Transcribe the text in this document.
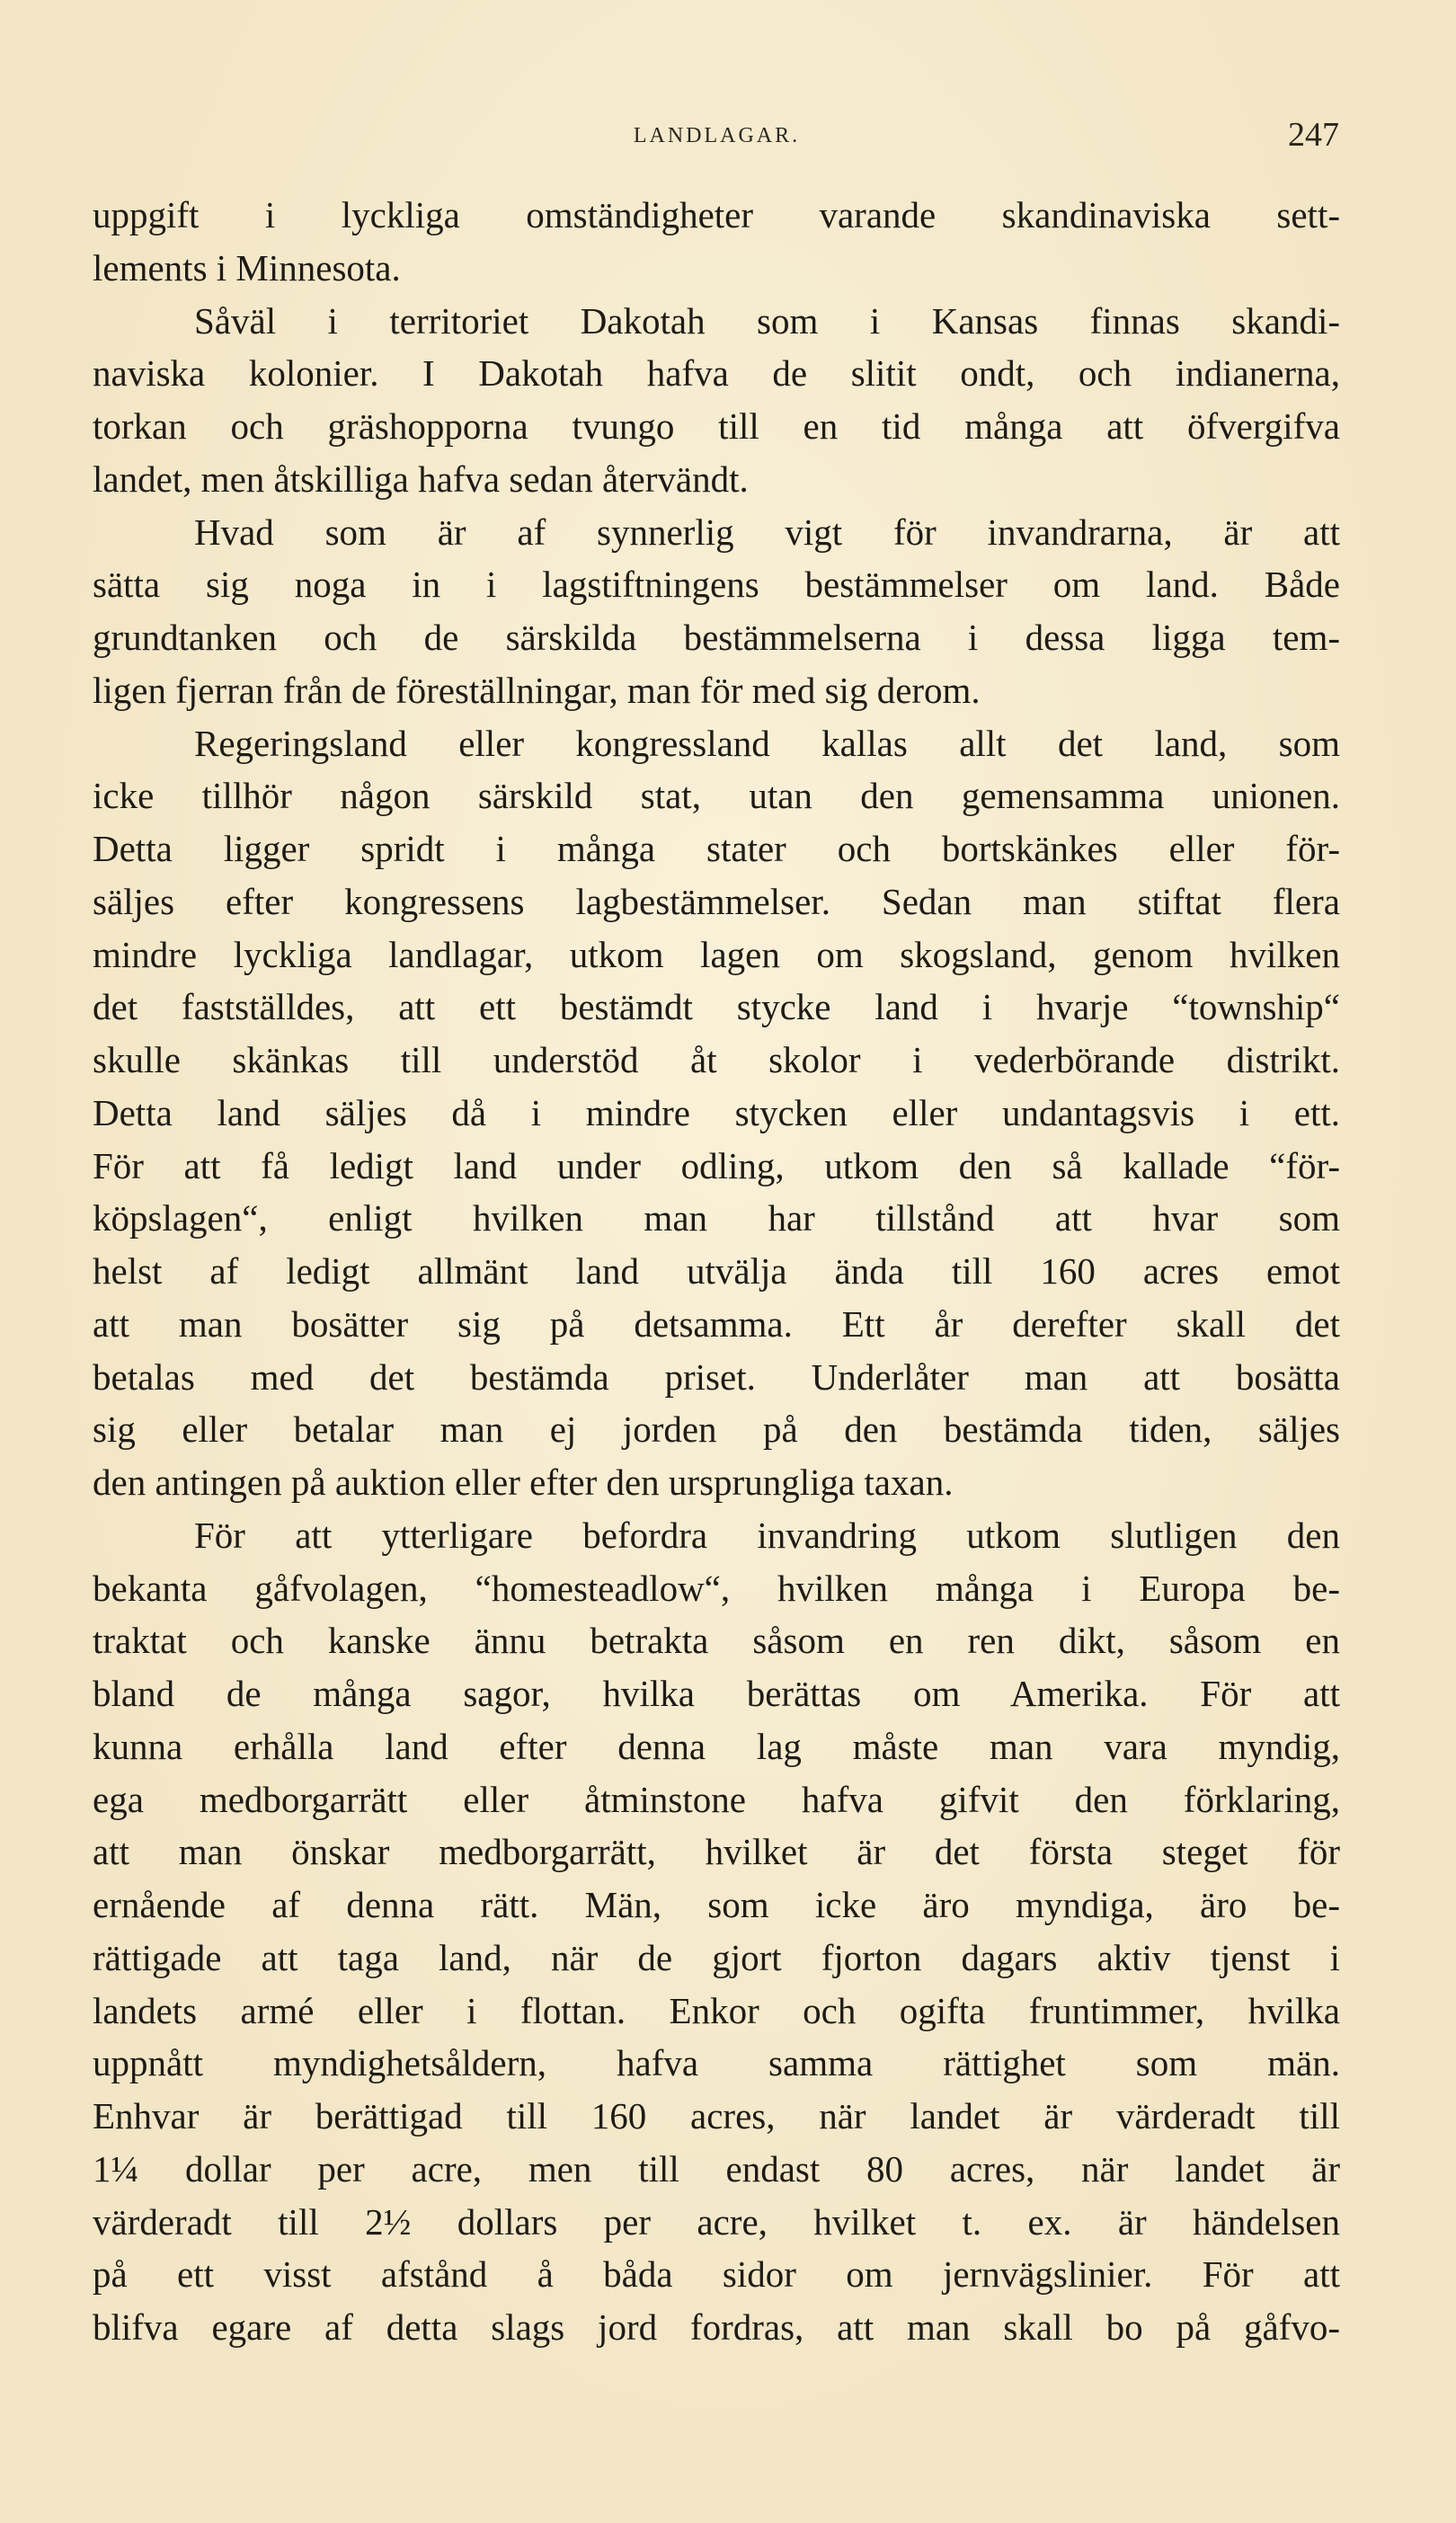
LANDLAGAR.	247
uppgift i lyckliga omständigheter varande skandinaviska sett-
lements i Minnesota.
Såväl i territoriet Dakotah som i Kansas finnas skandi-
naviska kolonier. I Dakotah hafva de slitit ondt, och indianerna,
torkan och gräshopporna tvungo till en tid många att öfvergifva
landet, men åtskilliga hafva sedan återvändt.
Hvad som är af synnerlig vigt för invandrarna, är att
sätta sig noga in i lagstiftningens bestämmelser om land. Både
grundtanken och de särskilda bestämmelserna i dessa ligga tem-
ligen fjerran från de föreställningar, man för med sig derom.
Regeringsland eller kongressland kallas allt det land, som
icke tillhör någon särskild stat, utan den gemensamma unionen.
Detta ligger spridt i många stater och bortskänkes eller för-
säljes efter kongressens lagbestämmelser. Sedan man stiftat flera
mindre lyckliga landlagar, utkom lagen om skogsland, genom hvilken
det fastställdes, att ett bestämdt stycke land i hvarje “township“
skulle skänkas till understöd åt skolor i vederbörande distrikt.
Detta land säljes då i mindre stycken eller undantagsvis i ett.
För att få ledigt land under odling, utkom den så kallade “för-
köpslagen“, enligt hvilken man har tillstånd att hvar som
helst af ledigt allmänt land utvälja ända till 160 acres emot
att man bosätter sig på detsamma. Ett år derefter skall det
betalas med det bestämda priset. Underlåter man att bosätta
sig eller betalar man ej jorden på den bestämda tiden, säljes
den antingen på auktion eller efter den ursprungliga taxan.
För att ytterligare befordra invandring utkom slutligen den
bekanta gåfvolagen, “homesteadlow“, hvilken många i Europa be-
traktat och kanske ännu betrakta såsom en ren dikt, såsom en
bland de många sagor, hvilka berättas om Amerika. För att
kunna erhålla land efter denna lag måste man vara myndig,
ega medborgarrätt eller åtminstone hafva gifvit den förklaring,
att man önskar medborgarrätt, hvilket är det första steget för
ernående af denna rätt. Män, som icke äro myndiga, äro be-
rättigade att taga land, när de gjort fjorton dagars aktiv tjenst i
landets armé eller i flottan. Enkor och ogifta fruntimmer, hvilka
uppnått myndighetsåldern, hafva samma rättighet som män.
Enhvar är berättigad till 160 acres, när landet är värderadt till
1¼ dollar per acre, men till endast 80 acres, när landet är
värderadt till 2½ dollars per acre, hvilket t. ex. är händelsen
på ett visst afstånd å båda sidor om jernvägslinier. För att
blifva egare af detta slags jord fordras, att man skall bo på gåfvo-
